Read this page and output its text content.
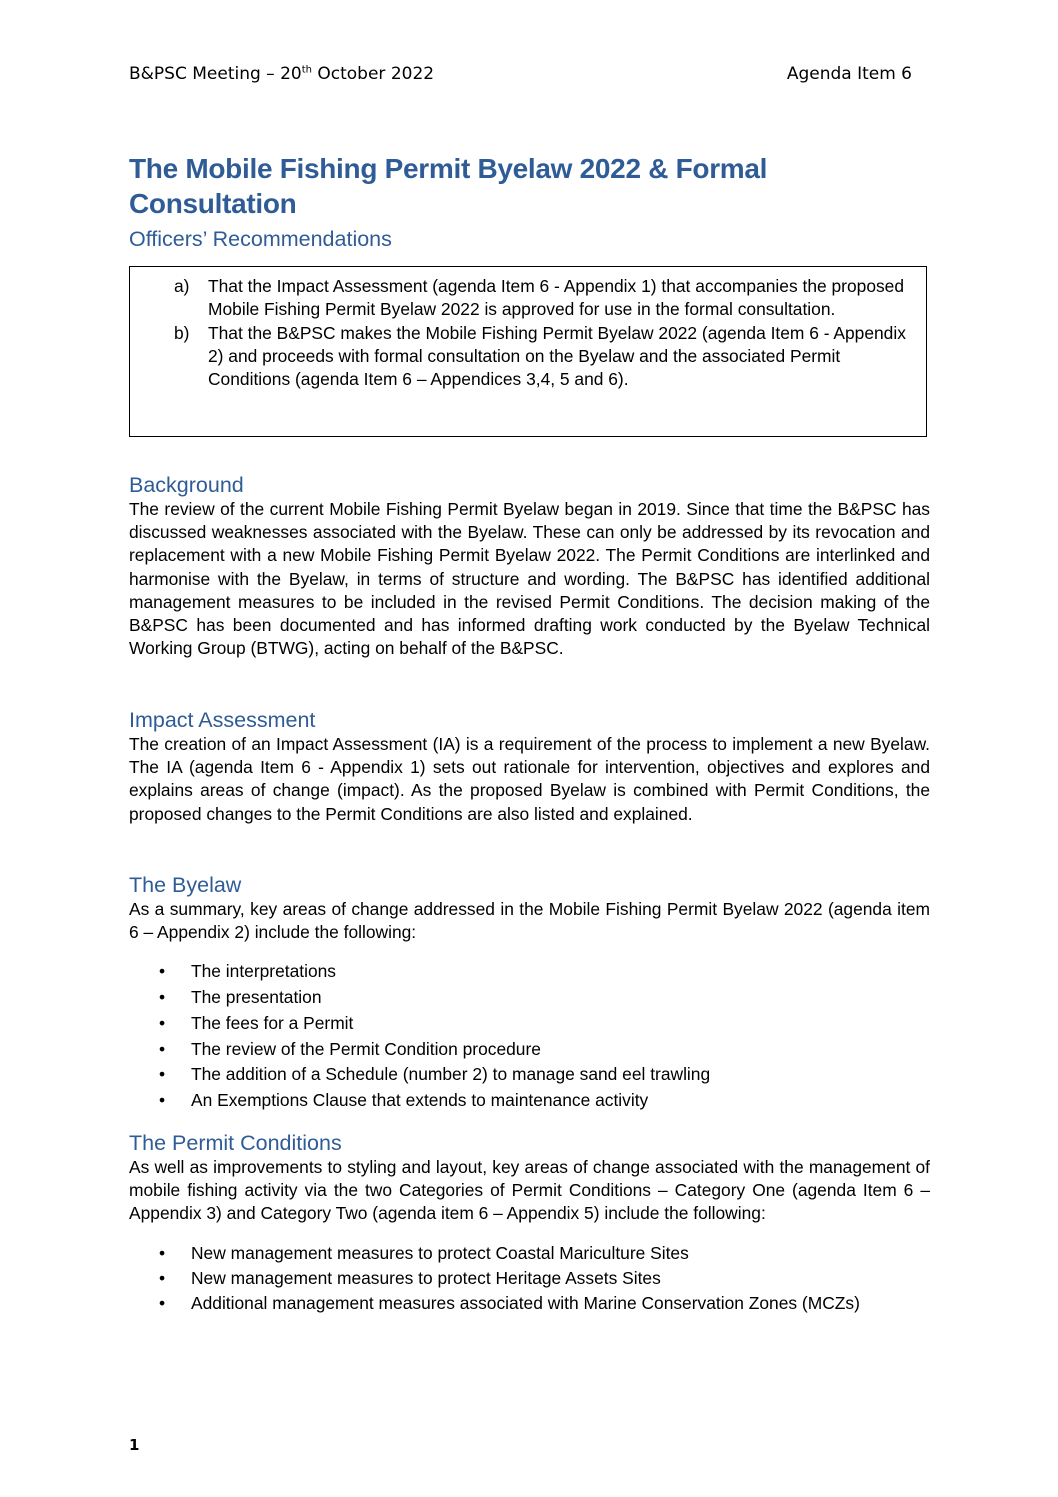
B&PSC Meeting – 20th October 2022	Agenda Item 6
The Mobile Fishing Permit Byelaw 2022 & Formal Consultation
Officers’ Recommendations
a) That the Impact Assessment (agenda Item 6 - Appendix 1) that accompanies the proposed Mobile Fishing Permit Byelaw 2022 is approved for use in the formal consultation.
b) That the B&PSC makes the Mobile Fishing Permit Byelaw 2022 (agenda Item 6 - Appendix 2) and proceeds with formal consultation on the Byelaw and the associated Permit Conditions (agenda Item 6 – Appendices 3,4, 5 and 6).
Background

The review of the current Mobile Fishing Permit Byelaw began in 2019. Since that time the B&PSC has discussed weaknesses associated with the Byelaw. These can only be addressed by its revocation and replacement with a new Mobile Fishing Permit Byelaw 2022. The Permit Conditions are interlinked and harmonise with the Byelaw, in terms of structure and wording. The B&PSC has identified additional management measures to be included in the revised Permit Conditions. The decision making of the B&PSC has been documented and has informed drafting work conducted by the Byelaw Technical Working Group (BTWG), acting on behalf of the B&PSC.

Impact Assessment

The creation of an Impact Assessment (IA) is a requirement of the process to implement a new Byelaw. The IA (agenda Item 6 - Appendix 1) sets out rationale for intervention, objectives and explores and explains areas of change (impact). As the proposed Byelaw is combined with Permit Conditions, the proposed changes to the Permit Conditions are also listed and explained.

The Byelaw

As a summary, key areas of change addressed in the Mobile Fishing Permit Byelaw 2022 (agenda item 6 – Appendix 2) include the following:

• The interpretations
• The presentation
• The fees for a Permit
• The review of the Permit Condition procedure
• The addition of a Schedule (number 2) to manage sand eel trawling
• An Exemptions Clause that extends to maintenance activity
The Permit Conditions

As well as improvements to styling and layout, key areas of change associated with the management of mobile fishing activity via the two Categories of Permit Conditions – Category One (agenda Item 6 – Appendix 3) and Category Two (agenda item 6 – Appendix 5) include the following:

• New management measures to protect Coastal Mariculture Sites
• New management measures to protect Heritage Assets Sites
• Additional management measures associated with Marine Conservation Zones (MCZs)
1
